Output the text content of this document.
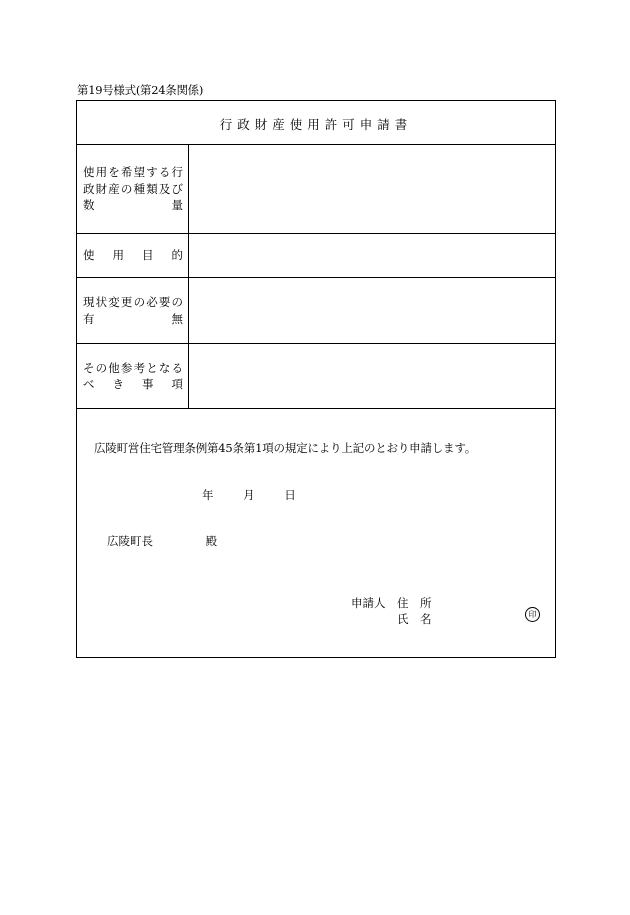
第19号様式(第24条関係)
行政財産使用許可申請書
使用を希望する行
政財産の種類及び
数　　　　　　量
使　用　目　的
現状変更の必要の
有　　　　　　無
その他参考となる
べ　き　事　項
広陵町営住宅管理条例第45条第1項の規定により上記のとおり申請します。
年	月	日
広陵町長	殿
申請人 住　所
氏　名	印
